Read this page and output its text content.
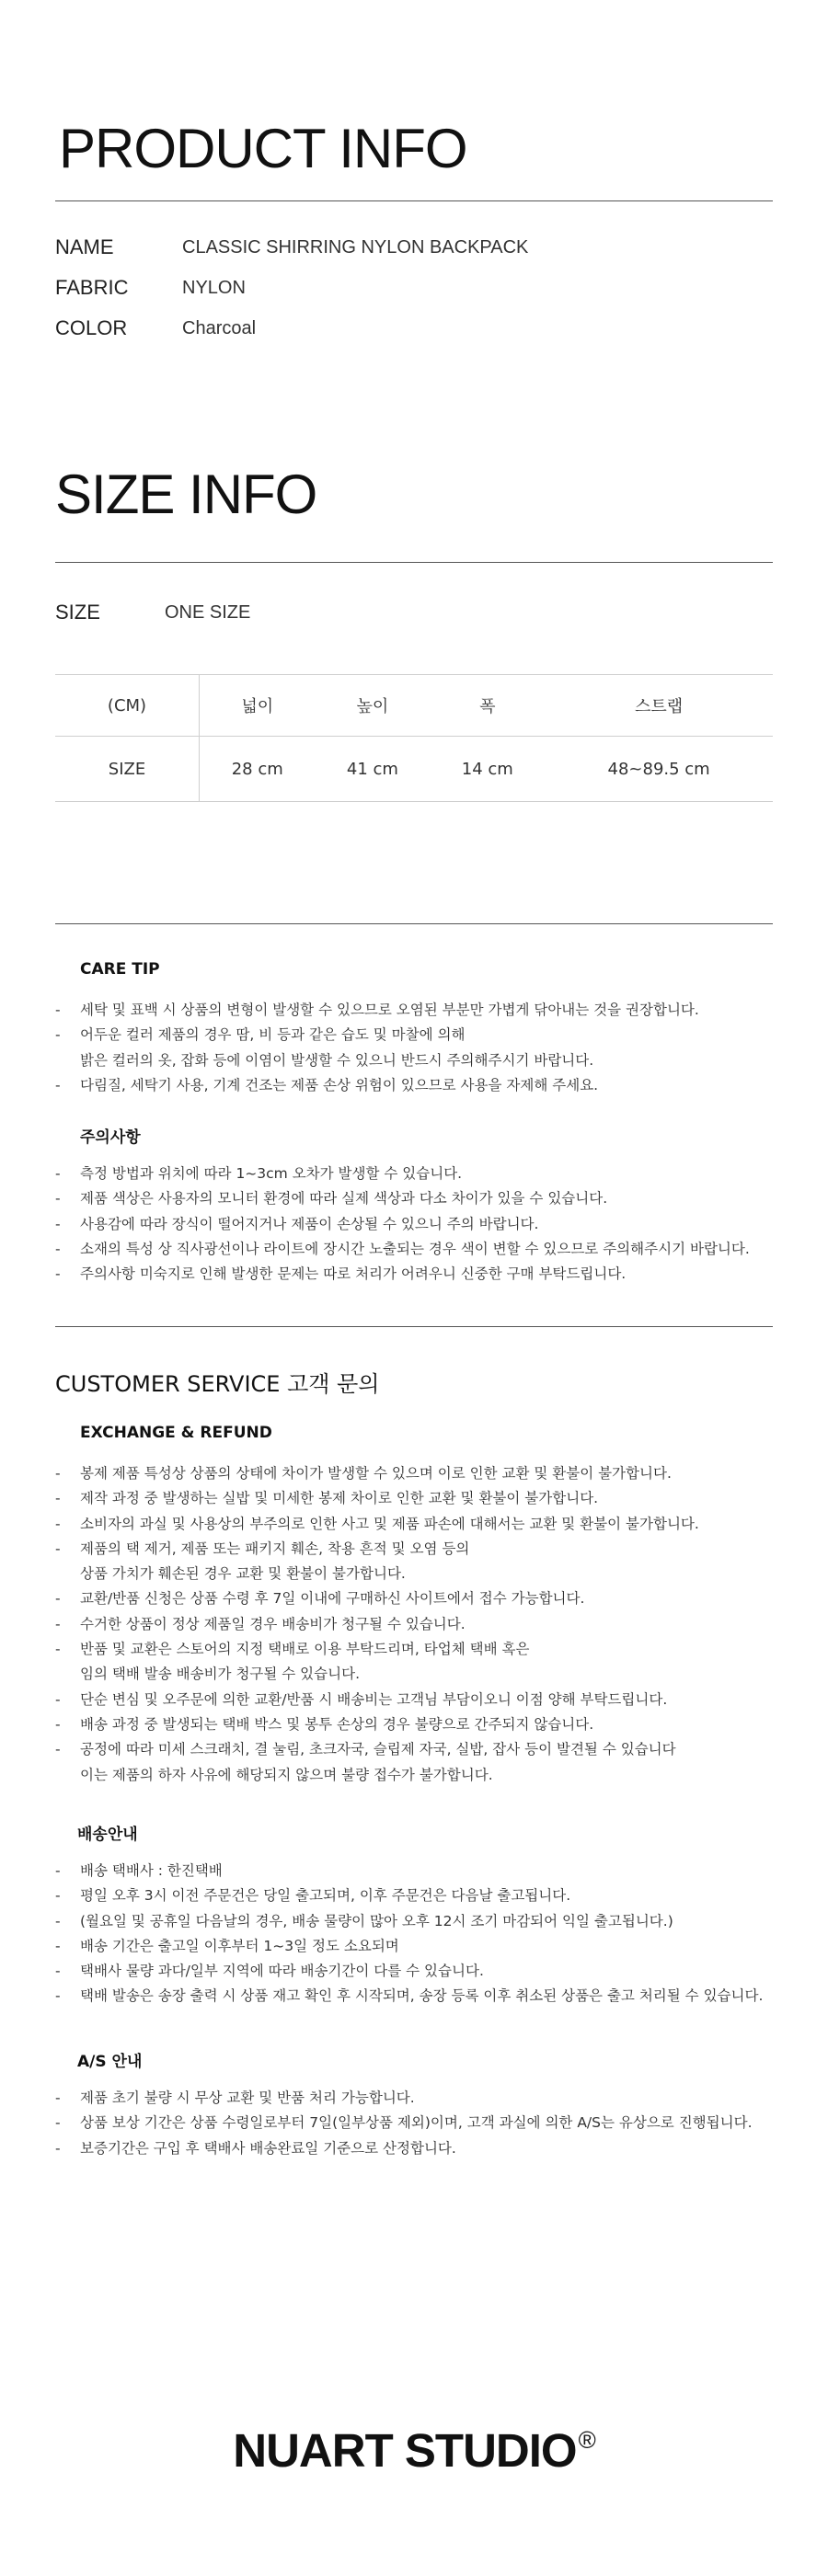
PRODUCT INFO
NAME	CLASSIC SHIRRING NYLON BACKPACK
FABRIC	NYLON
COLOR	Charcoal
SIZE INFO
SIZE	ONE SIZE
(CM)	넓이	높이	폭	스트랩
SIZE	28 cm	41 cm	14 cm	48~89.5 cm
CARE TIP
-	세탁 및 표백 시 상품의 변형이 발생할 수 있으므로 오염된 부분만 가볍게 닦아내는 것을 권장합니다.
-	어두운 컬러 제품의 경우 땀, 비 등과 같은 습도 및 마찰에 의해
밝은 컬러의 옷, 잡화 등에 이염이 발생할 수 있으니 반드시 주의해주시기 바랍니다.
-	다림질, 세탁기 사용, 기계 건조는 제품 손상 위험이 있으므로 사용을 자제해 주세요.
주의사항
-	측정 방법과 위치에 따라 1~3cm 오차가 발생할 수 있습니다.
-	제품 색상은 사용자의 모니터 환경에 따라 실제 색상과 다소 차이가 있을 수 있습니다.
-	사용감에 따라 장식이 떨어지거나 제품이 손상될 수 있으니 주의 바랍니다.
-	소재의 특성 상 직사광선이나 라이트에 장시간 노출되는 경우 색이 변할 수 있으므로 주의해주시기 바랍니다.
-	주의사항 미숙지로 인해 발생한 문제는 따로 처리가 어려우니 신중한 구매 부탁드립니다.
CUSTOMER SERVICE 고객 문의
EXCHANGE & REFUND
-	봉제 제품 특성상 상품의 상태에 차이가 발생할 수 있으며 이로 인한 교환 및 환불이 불가합니다.
-	제작 과정 중 발생하는 실밥 및 미세한 봉제 차이로 인한 교환 및 환불이 불가합니다.
-	소비자의 과실 및 사용상의 부주의로 인한 사고 및 제품 파손에 대해서는 교환 및 환불이 불가합니다.
-	제품의 택 제거, 제품 또는 패키지 훼손, 착용 흔적 및 오염 등의
상품 가치가 훼손된 경우 교환 및 환불이 불가합니다.
-	교환/반품 신청은 상품 수령 후 7일 이내에 구매하신 사이트에서 접수 가능합니다.
-	수거한 상품이 정상 제품일 경우 배송비가 청구될 수 있습니다.
-	반품 및 교환은 스토어의 지정 택배로 이용 부탁드리며, 타업체 택배 혹은
임의 택배 발송 배송비가 청구될 수 있습니다.
-	단순 변심 및 오주문에 의한 교환/반품 시 배송비는 고객님 부담이오니 이점 양해 부탁드립니다.
-	배송 과정 중 발생되는 택배 박스 및 봉투 손상의 경우 불량으로 간주되지 않습니다.
-	공정에 따라 미세 스크래치, 결 눌림, 초크자국, 슬립제 자국, 실밥, 잡사 등이 발견될 수 있습니다
이는 제품의 하자 사유에 해당되지 않으며 불량 접수가 불가합니다.
배송안내
-	배송 택배사 : 한진택배
-	평일 오후 3시 이전 주문건은 당일 출고되며, 이후 주문건은 다음날 출고됩니다.
-	(월요일 및 공휴일 다음날의 경우, 배송 물량이 많아 오후 12시 조기 마감되어 익일 출고됩니다.)
-	배송 기간은 출고일 이후부터 1~3일 정도 소요되며
-	택배사 물량 과다/일부 지역에 따라 배송기간이 다를 수 있습니다.
-	택배 발송은 송장 출력 시 상품 재고 확인 후 시작되며, 송장 등록 이후 취소된 상품은 출고 처리될 수 있습니다.
A/S 안내
-	제품 초기 불량 시 무상 교환 및 반품 처리 가능합니다.
-	상품 보상 기간은 상품 수령일로부터 7일(일부상품 제외)이며, 고객 과실에 의한 A/S는 유상으로 진행됩니다.
-	보증기간은 구입 후 택배사 배송완료일 기준으로 산정합니다.
NUART STUDIO®
